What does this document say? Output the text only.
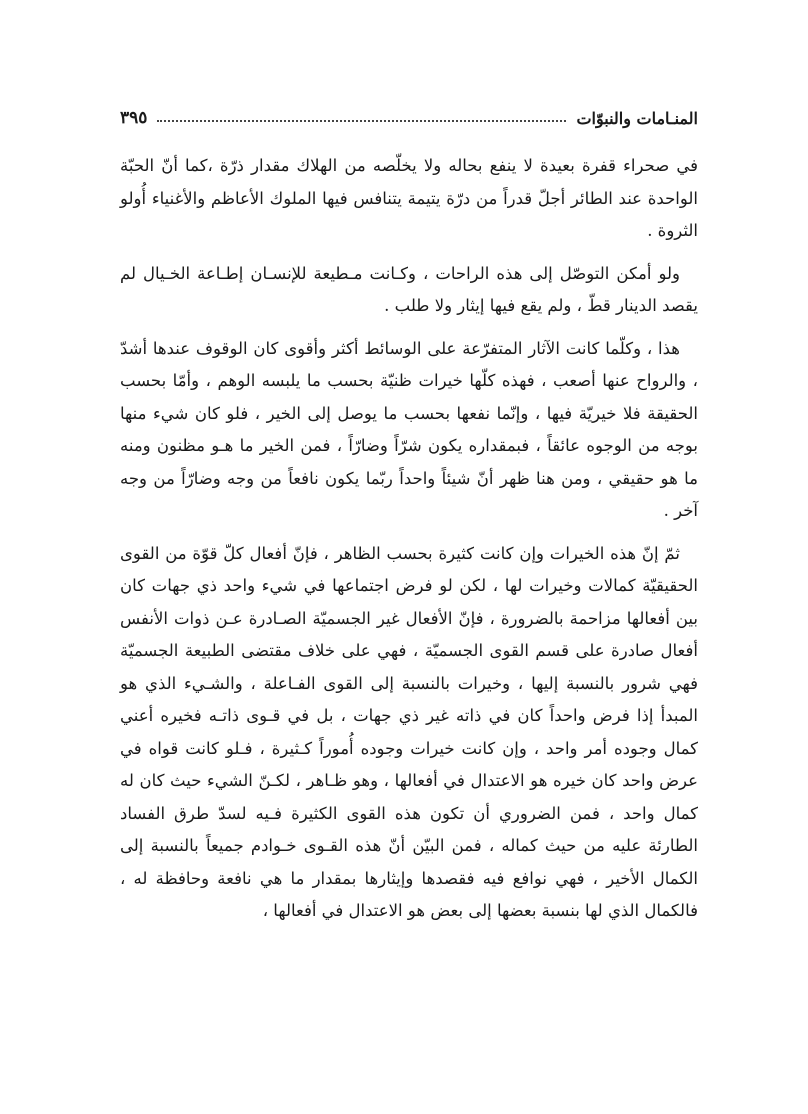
المنـامات والنبوّات
٣٩٥

في صحراء قفرة بعيدة لا ينفع بحاله ولا يخلّصه من الهلاك مقدار ذرّة ،كما أنّ الحبّة الواحدة عند الطائر أجلّ قدراً من درّة يتيمة يتنافس فيها الملوك الأعاظم والأغنياء أُولو الثروة .

ولو أمكن التوصّل إلى هذه الراحات ، وكـانت مـطيعة للإنسـان إطـاعة الخـيال لم يقصد الدينار قطّ ، ولم يقع فيها إيثار ولا طلب .

هذا ، وكلّما كانت الآثار المتفرّعة على الوسائط أكثر وأقوى كان الوقوف عندها أشدّ ، والرواح عنها أصعب ، فهذه كلّها خيرات ظنيّة بحسب ما يلبسه الوهم ، وأمّا بحسب الحقيقة فلا خيريّة فيها ، وإنّما نفعها بحسب ما يوصل إلى الخير ، فلو كان شيء منها بوجه من الوجوه عائقاً ، فبمقداره يكون شرّاً وضارّاً ، فمن الخير ما هـو مظنون ومنه ما هو حقيقي ، ومن هنا ظهر أنّ شيئاً واحداً ربّما يكون نافعاً من وجه وضارّاً من وجه آخر .

ثمّ إنّ هذه الخيرات وإن كانت كثيرة بحسب الظاهر ، فإنّ أفعال كلّ قوّة من القوى الحقيقيّة كمالات وخيرات لها ، لكن لو فرض اجتماعها في شيء واحد ذي جهات كان بين أفعالها مزاحمة بالضرورة ، فإنّ الأفعال غير الجسميّة الصـادرة عـن ذوات الأنفس أفعال صادرة على قسم القوى الجسميّة ، فهي على خلاف مقتضى الطبيعة الجسميّة فهي شرور بالنسبة إليها ، وخيرات بالنسبة إلى القوى الفـاعلة ، والشـيء الذي هو المبدأ إذا فرض واحداً كان في ذاته غير ذي جهات ، بل في قـوى ذاتـه فخيره أعني كمال وجوده أمر واحد ، وإن كانت خيرات وجوده أُموراً كـثيرة ، فـلو كانت قواه في عرض واحد كان خيره هو الاعتدال في أفعالها ، وهو ظـاهر ، لكـنّ الشيء حيث كان له كمال واحد ، فمن الضروري أن تكون هذه القوى الكثيرة فـيه لسدّ طرق الفساد الطارئة عليه من حيث كماله ، فمن البيّن أنّ هذه القـوى خـوادم جميعاً بالنسبة إلى الكمال الأخير ، فهي نوافع فيه فقصدها وإيثارها بمقدار ما هي نافعة وحافظة له ، فالكمال الذي لها بنسبة بعضها إلى بعض هو الاعتدال في أفعالها ،
